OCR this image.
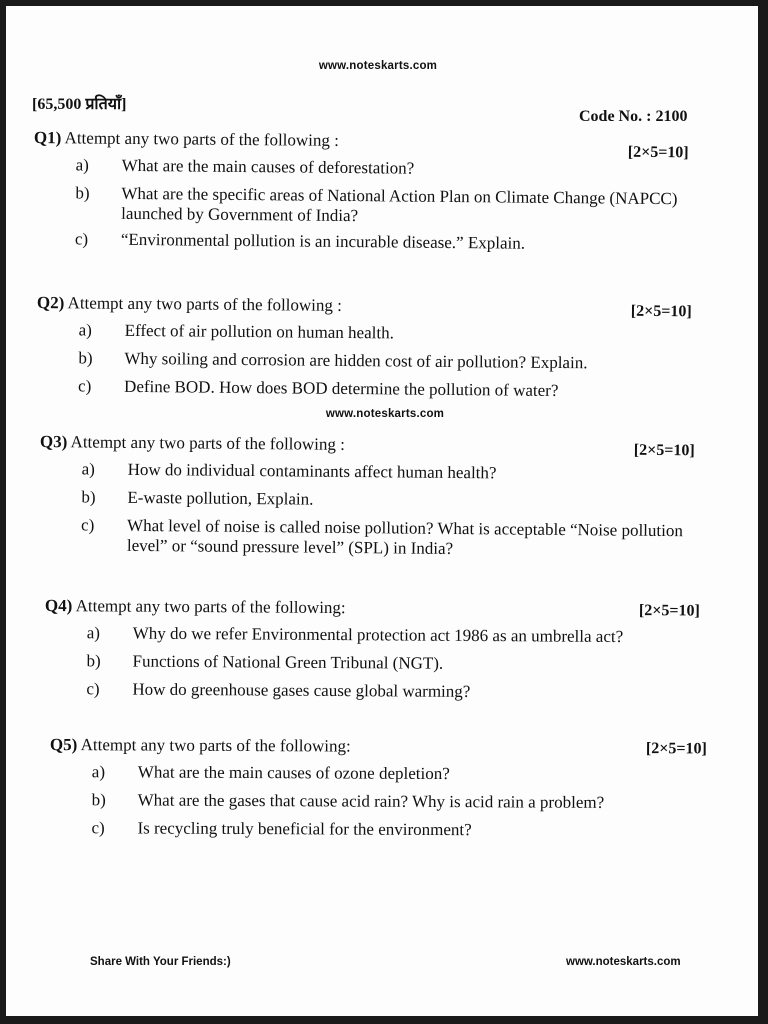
www.noteskarts.com
[65,500 प्रतियाँ]
Code No. : 2100
Q1) Attempt any two parts of the following :
[2×5=10]
a) What are the main causes of deforestation?
b) What are the specific areas of National Action Plan on Climate Change (NAPCC) launched by Government of India?
c) “Environmental pollution is an incurable disease.” Explain.
Q2) Attempt any two parts of the following :	[2×5=10]
a) Effect of air pollution on human health.
b) Why soiling and corrosion are hidden cost of air pollution? Explain.
c) Define BOD. How does BOD determine the pollution of water?
www.noteskarts.com
Q3) Attempt any two parts of the following :	[2×5=10]
a) How do individual contaminants affect human health?
b) E-waste pollution, Explain.
c) What level of noise is called noise pollution? What is acceptable “Noise pollution level” or “sound pressure level” (SPL) in India?
Q4) Attempt any two parts of the following:	[2×5=10]
a) Why do we refer Environmental protection act 1986 as an umbrella act?
b) Functions of National Green Tribunal (NGT).
c) How do greenhouse gases cause global warming?
Q5) Attempt any two parts of the following:	[2×5=10]
a) What are the main causes of ozone depletion?
b) What are the gases that cause acid rain? Why is acid rain a problem?
c) Is recycling truly beneficial for the environment?
Share With Your Friends:)	www.noteskarts.com
